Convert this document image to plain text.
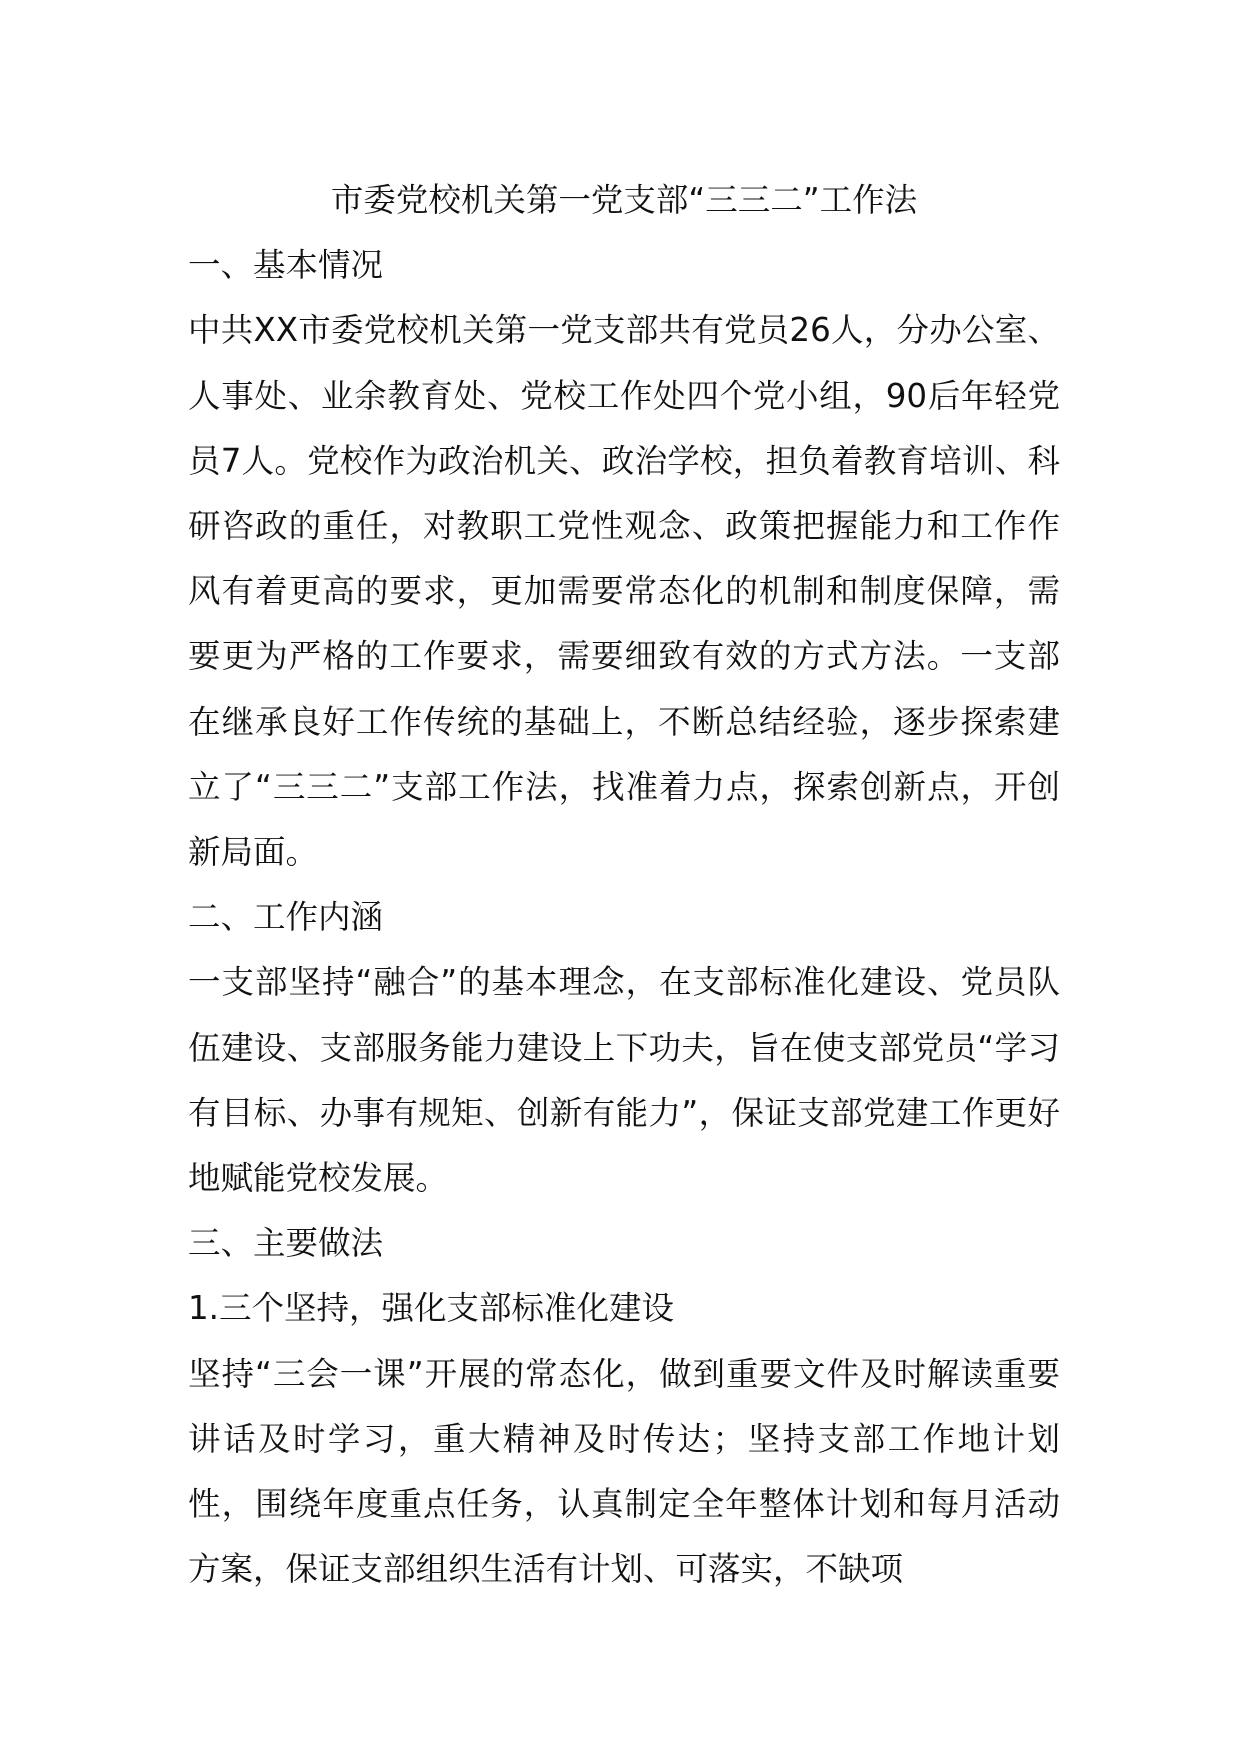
市委党校机关第一党支部“三三二”工作法
一、基本情况

中共XX市委党校机关第一党支部共有党员26人，分办公室、人事处、业余教育处、党校工作处四个党小组，90后年轻党员7人。党校作为政治机关、政治学校，担负着教育培训、科研咨政的重任，对教职工党性观念、政策把握能力和工作作风有着更高的要求，更加需要常态化的机制和制度保障，需要更为严格的工作要求，需要细致有效的方式方法。一支部在继承良好工作传统的基础上，不断总结经验，逐步探索建立了“三三二”支部工作法，找准着力点，探索创新点，开创新局面。

二、工作内涵

一支部坚持“融合”的基本理念，在支部标准化建设、党员队伍建设、支部服务能力建设上下功夫，旨在使支部党员“学习有目标、办事有规矩、创新有能力”，保证支部党建工作更好地赋能党校发展。

三、主要做法
1.三个坚持，强化支部标准化建设

坚持“三会一课”开展的常态化，做到重要文件及时解读重要讲话及时学习，重大精神及时传达；坚持支部工作地计划性，围绕年度重点任务，认真制定全年整体计划和每月活动方案，保证支部组织生活有计划、可落实，不缺项
